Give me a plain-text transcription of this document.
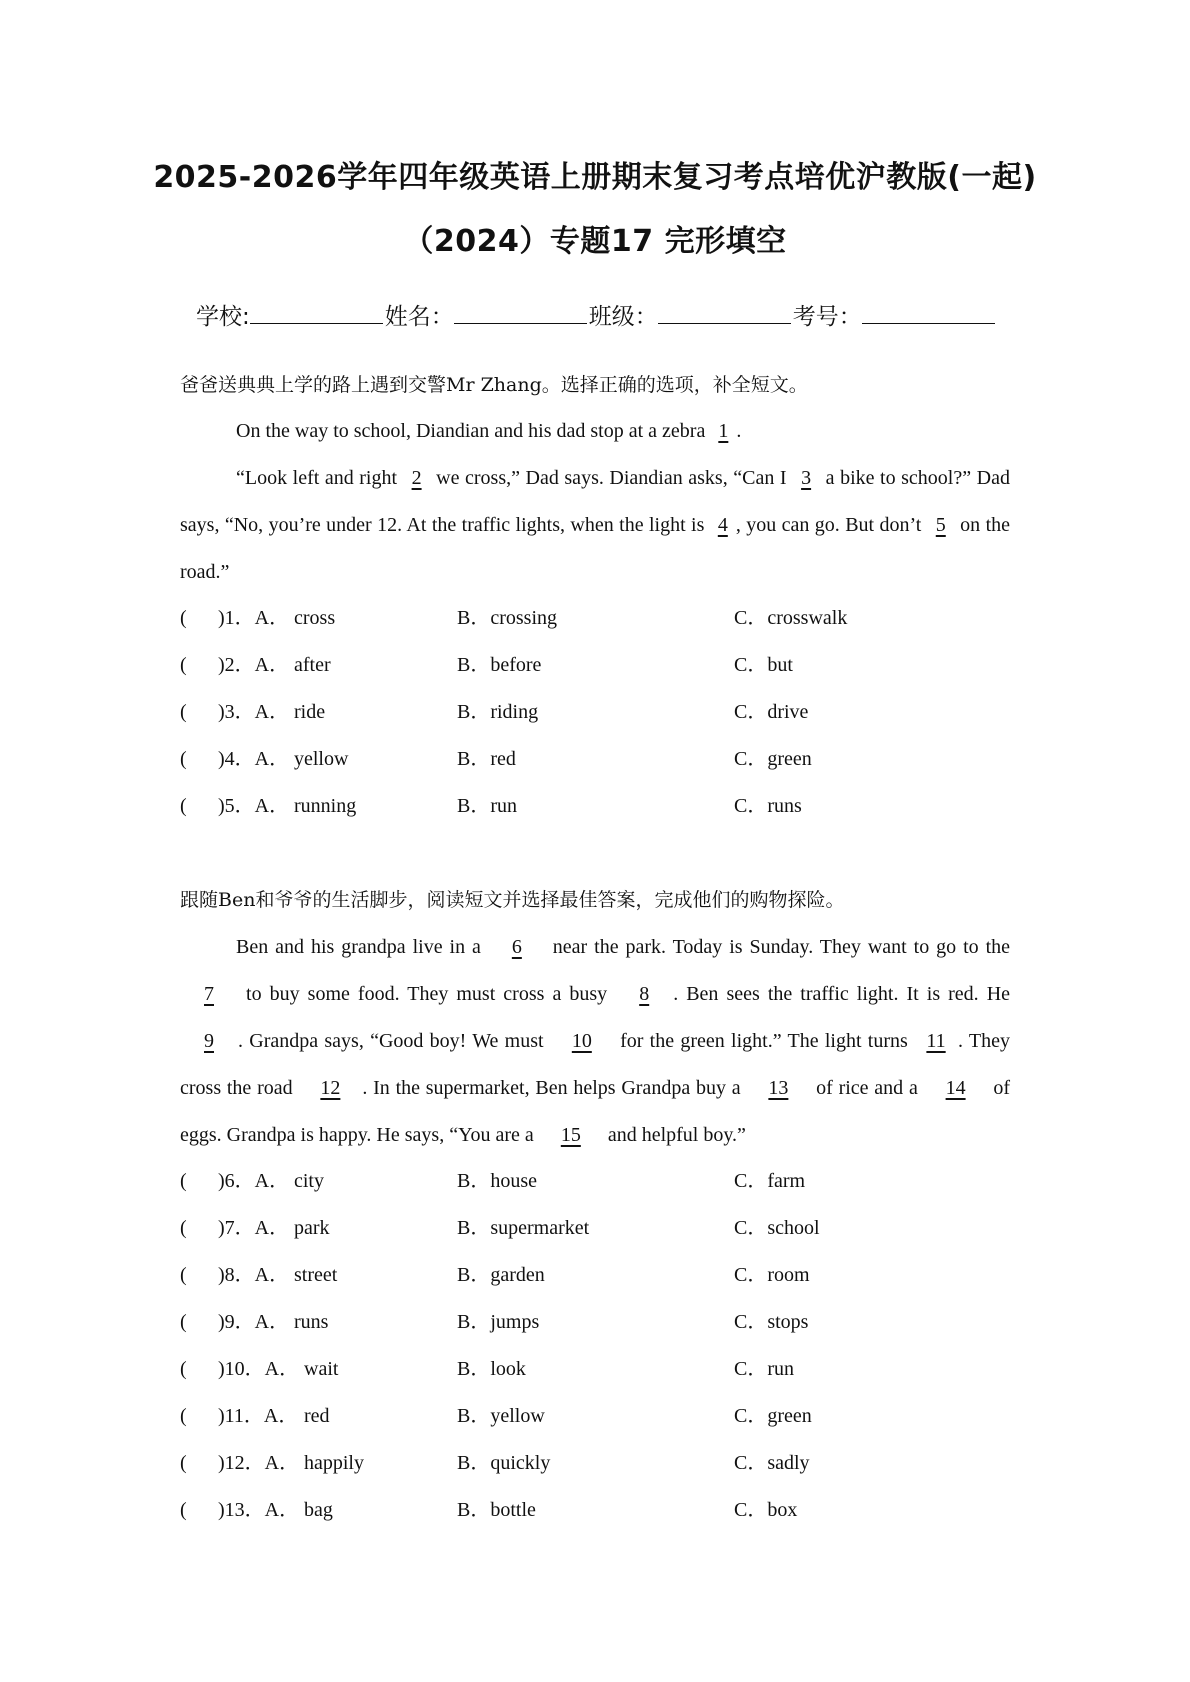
2025-2026学年四年级英语上册期末复习考点培优沪教版(一起)
（2024）专题17 完形填空
学校:	姓名：	班级：	考号：
爸爸送典典上学的路上遇到交警Mr Zhang。选择正确的选项，补全短文。
On the way to school, Diandian and his dad stop at a zebra 1 .
“Look left and right 2 we cross,” Dad says. Diandian asks, “Can I 3 a bike to school?” Dad says, “No, you’re under 12. At the traffic lights, when the light is 4 , you can go. But don’t 5 on the road.”
( )1．A． cross	B．crossing	C．crosswalk
( )2．A． after	B．before	C．but
( )3．A． ride	B．riding	C．drive
( )4．A． yellow	B．red	C．green
( )5．A． running	B．run	C．runs
跟随Ben和爷爷的生活脚步，阅读短文并选择最佳答案，完成他们的购物探险。
Ben and his grandpa live in a 6 near the park. Today is Sunday. They want to go to the 7 to buy some food. They must cross a busy 8 . Ben sees the traffic light. It is red. He 9 . Grandpa says, “Good boy! We must 10 for the green light.” The light turns 11 . They cross the road 12 . In the supermarket, Ben helps Grandpa buy a 13 of rice and a 14 of eggs. Grandpa is happy. He says, “You are a 15 and helpful boy.”
( )6．A． city	B．house	C．farm
( )7．A． park	B．supermarket	C．school
( )8．A． street	B．garden	C．room
( )9．A． runs	B．jumps	C．stops
( )10．A． wait	B．look	C．run
( )11．A． red	B．yellow	C．green
( )12．A． happily	B．quickly	C．sadly
( )13．A． bag	B．bottle	C．box
